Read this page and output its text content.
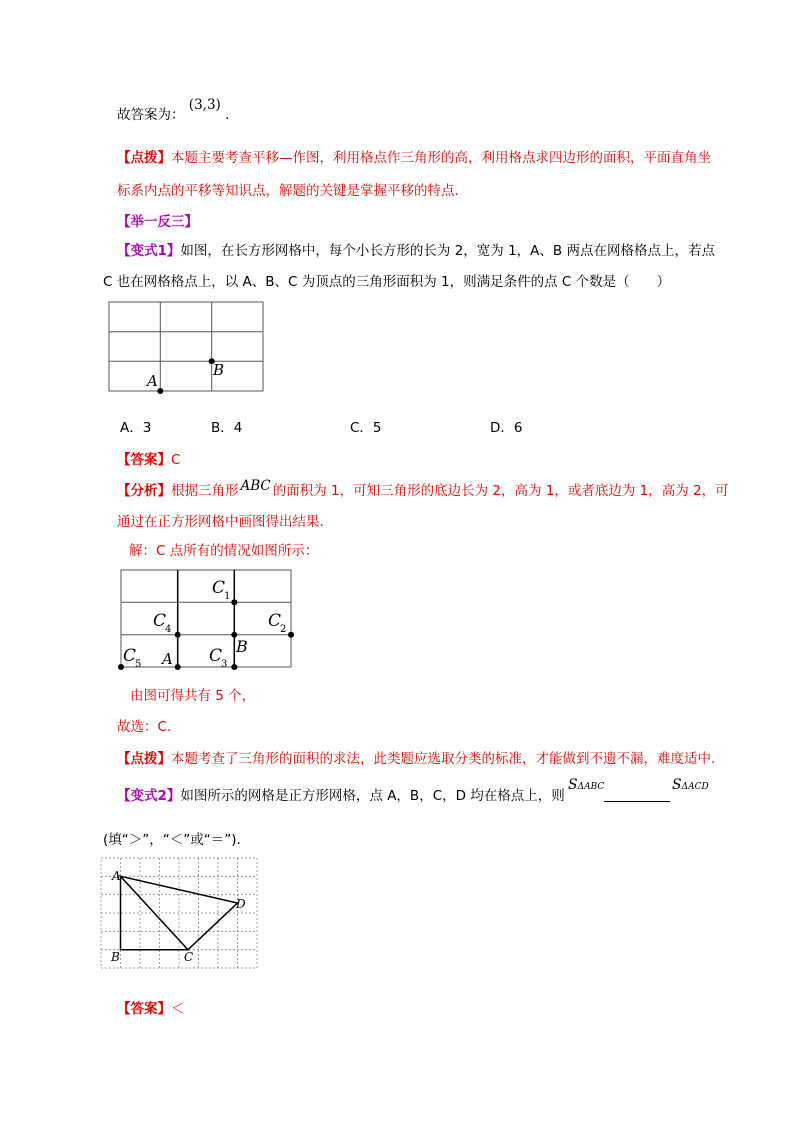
故答案为： (3,3) .
【点拨】本题主要考查平移—作图，利用格点作三角形的高，利用格点求四边形的面积，平面直角坐
标系内点的平移等知识点，解题的关键是掌握平移的特点.
【举一反三】
【变式1】如图，在长方形网格中，每个小长方形的长为 2，宽为 1，A、B 两点在网格格点上，若点
C 也在网格格点上，以 A、B、C 为顶点的三角形面积为 1，则满足条件的点 C 个数是（　　）
A
B
A．3	B．4	C．5	D．6
【答案】C
【分析】根据三角形 ABC 的面积为 1，可知三角形的底边长为 2，高为 1，或者底边为 1，高为 2，可
通过在正方形网格中画图得出结果.
解：C 点所有的情况如图所示：
C
1
C
4	C
2
B
C
5 A C
3
由图可得共有 5 个，
故选：C.
【点拨】本题考查了三角形的面积的求法，此类题应选取分类的标准，才能做到不遗不漏，难度适中.
【变式2】如图所示的网格是正方形网格，点 A，B，C，D 均在格点上，则
SΔABC	SΔACD
(填“＞”，“＜”或“＝”).
A
B	C
D
【答案】＜
